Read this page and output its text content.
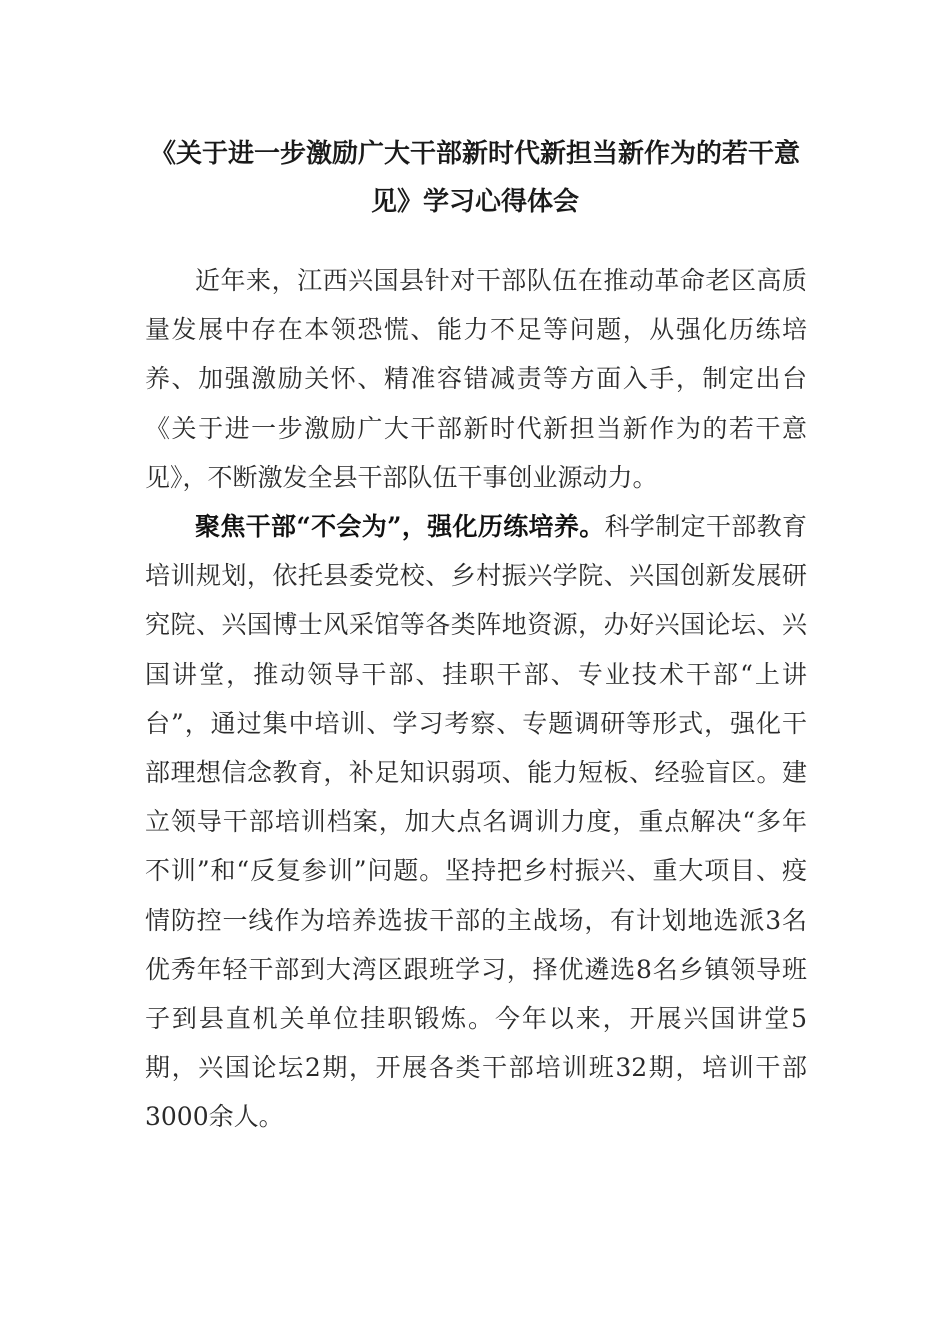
《关于进一步激励广大干部新时代新担当新作为的若干意见》学习心得体会

近年来，江西兴国县针对干部队伍在推动革命老区高质量发展中存在本领恐慌、能力不足等问题，从强化历练培养、加强激励关怀、精准容错减责等方面入手，制定出台《关于进一步激励广大干部新时代新担当新作为的若干意见》，不断激发全县干部队伍干事创业源动力。

聚焦干部“不会为”，强化历练培养。科学制定干部教育培训规划，依托县委党校、乡村振兴学院、兴国创新发展研究院、兴国博士风采馆等各类阵地资源，办好兴国论坛、兴国讲堂，推动领导干部、挂职干部、专业技术干部“上讲台”，通过集中培训、学习考察、专题调研等形式，强化干部理想信念教育，补足知识弱项、能力短板、经验盲区。建立领导干部培训档案，加大点名调训力度，重点解决“多年不训”和“反复参训”问题。坚持把乡村振兴、重大项目、疫情防控一线作为培养选拔干部的主战场，有计划地选派3名优秀年轻干部到大湾区跟班学习，择优遴选8名乡镇领导班子到县直机关单位挂职锻炼。今年以来，开展兴国讲堂5期，兴国论坛2期，开展各类干部培训班32期，培训干部3000余人。
